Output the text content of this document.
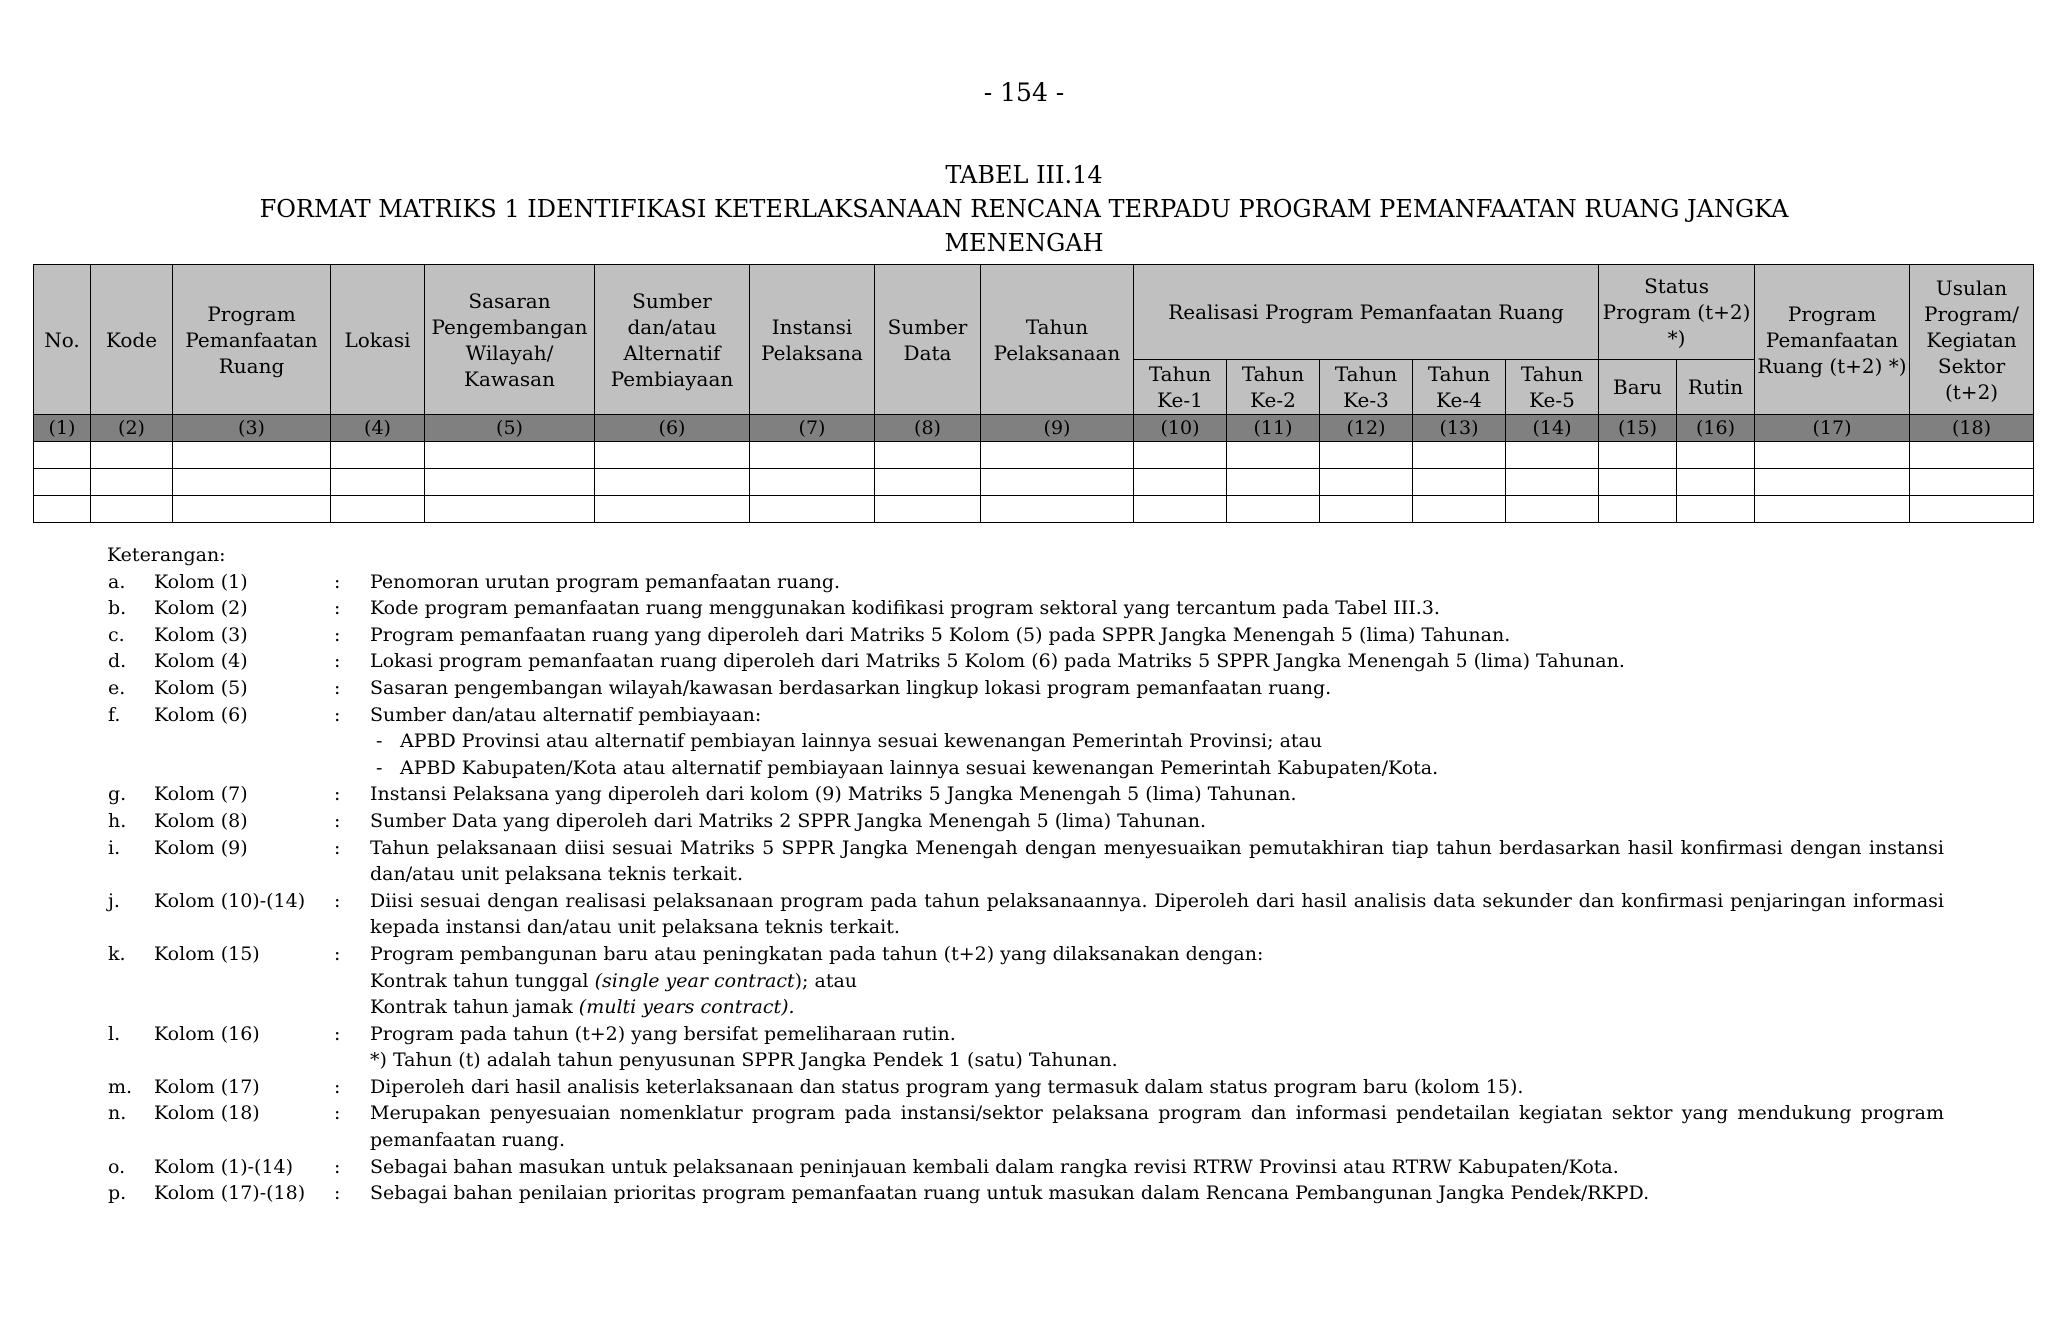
- 154 -
TABEL III.14
FORMAT MATRIKS 1 IDENTIFIKASI KETERLAKSANAAN RENCANA TERPADU PROGRAM PEMANFAATAN RUANG JANGKA
MENENGAH
No.	Kode	Program Pemanfaatan Ruang	Lokasi	Sasaran Pengembangan Wilayah/ Kawasan	Sumber dan/atau Alternatif Pembiayaan	Instansi Pelaksana	Sumber Data	Tahun Pelaksanaan	Realisasi Program Pemanfaatan Ruang					Status Program (t+2) *)		Program Pemanfaatan Ruang (t+2) *)	Usulan Program/ Kegiatan Sektor (t+2)
									Tahun Ke-1	Tahun Ke-2	Tahun Ke-3	Tahun Ke-4	Tahun Ke-5	Baru	Rutin		
(1)	(2)	(3)	(4)	(5)	(6)	(7)	(8)	(9)	(10)	(11)	(12)	(13)	(14)	(15)	(16)	(17)	(18)

Keterangan:
a.	Kolom (1)	:	Penomoran urutan program pemanfaatan ruang.
b.	Kolom (2)	:	Kode program pemanfaatan ruang menggunakan kodifikasi program sektoral yang tercantum pada Tabel III.3.
c.	Kolom (3)	:	Program pemanfaatan ruang yang diperoleh dari Matriks 5 Kolom (5) pada SPPR Jangka Menengah 5 (lima) Tahunan.
d.	Kolom (4)	:	Lokasi program pemanfaatan ruang diperoleh dari Matriks 5 Kolom (6) pada Matriks 5 SPPR Jangka Menengah 5 (lima) Tahunan.
e.	Kolom (5)	:	Sasaran pengembangan wilayah/kawasan berdasarkan lingkup lokasi program pemanfaatan ruang.
f.	Kolom (6)	:	Sumber dan/atau alternatif pembiayaan:
- APBD Provinsi atau alternatif pembiayan lainnya sesuai kewenangan Pemerintah Provinsi; atau
- APBD Kabupaten/Kota atau alternatif pembiayaan lainnya sesuai kewenangan Pemerintah Kabupaten/Kota.
g.	Kolom (7)	:	Instansi Pelaksana yang diperoleh dari kolom (9) Matriks 5 Jangka Menengah 5 (lima) Tahunan.
h.	Kolom (8)	:	Sumber Data yang diperoleh dari Matriks 2 SPPR Jangka Menengah 5 (lima) Tahunan.
i.	Kolom (9)	:	Tahun pelaksanaan diisi sesuai Matriks 5 SPPR Jangka Menengah dengan menyesuaikan pemutakhiran tiap tahun berdasarkan hasil konfirmasi dengan instansi dan/atau unit pelaksana teknis terkait.
j.	Kolom (10)-(14)	:	Diisi sesuai dengan realisasi pelaksanaan program pada tahun pelaksanaannya. Diperoleh dari hasil analisis data sekunder dan konfirmasi penjaringan informasi kepada instansi dan/atau unit pelaksana teknis terkait.
k.	Kolom (15)	:	Program pembangunan baru atau peningkatan pada tahun (t+2) yang dilaksanakan dengan:
Kontrak tahun tunggal (single year contract); atau
Kontrak tahun jamak (multi years contract).
l.	Kolom (16)	:	Program pada tahun (t+2) yang bersifat pemeliharaan rutin.
*) Tahun (t) adalah tahun penyusunan SPPR Jangka Pendek 1 (satu) Tahunan.
m.	Kolom (17)	:	Diperoleh dari hasil analisis keterlaksanaan dan status program yang termasuk dalam status program baru (kolom 15).
n.	Kolom (18)	:	Merupakan penyesuaian nomenklatur program pada instansi/sektor pelaksana program dan informasi pendetailan kegiatan sektor yang mendukung program pemanfaatan ruang.
o.	Kolom (1)-(14)	:	Sebagai bahan masukan untuk pelaksanaan peninjauan kembali dalam rangka revisi RTRW Provinsi atau RTRW Kabupaten/Kota.
p.	Kolom (17)-(18)	:	Sebagai bahan penilaian prioritas program pemanfaatan ruang untuk masukan dalam Rencana Pembangunan Jangka Pendek/RKPD.
